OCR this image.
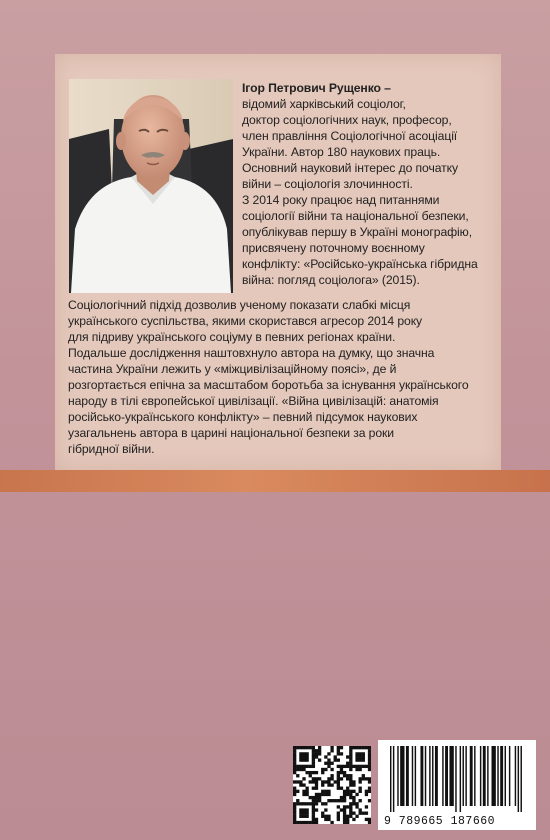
Ігор Петрович Рущенко –
відомий харківський соціолог,
доктор соціологічних наук, професор,
член правління Соціологічної асоціації
України. Автор 180 наукових праць.
Основний науковий інтерес до початку
війни – соціологія злочинності.
З 2014 року працює над питаннями
соціології війни та національної безпеки,
опублікував першу в Україні монографію,
присвячену поточному воєнному
конфлікту: «Російсько-українська гібридна
війна: погляд соціолога» (2015).
Соціологічний підхід дозволив ученому показати слабкі місця
українського суспільства, якими скористався агресор 2014 року
для підриву українського соціуму в певних регіонах країни.
Подальше дослідження наштовхнуло автора на думку, що значна
частина України лежить у «міжцивілізаційному поясі», де й
розгортається епічна за масштабом боротьба за існування українського
народу в тілі європейської цивілізації. «Війна цивілізацій: анатомія
російсько-українського конфлікту» – певний підсумок наукових
узагальнень автора в царині національної безпеки за роки
гібридної війни.
9 789665 187660
